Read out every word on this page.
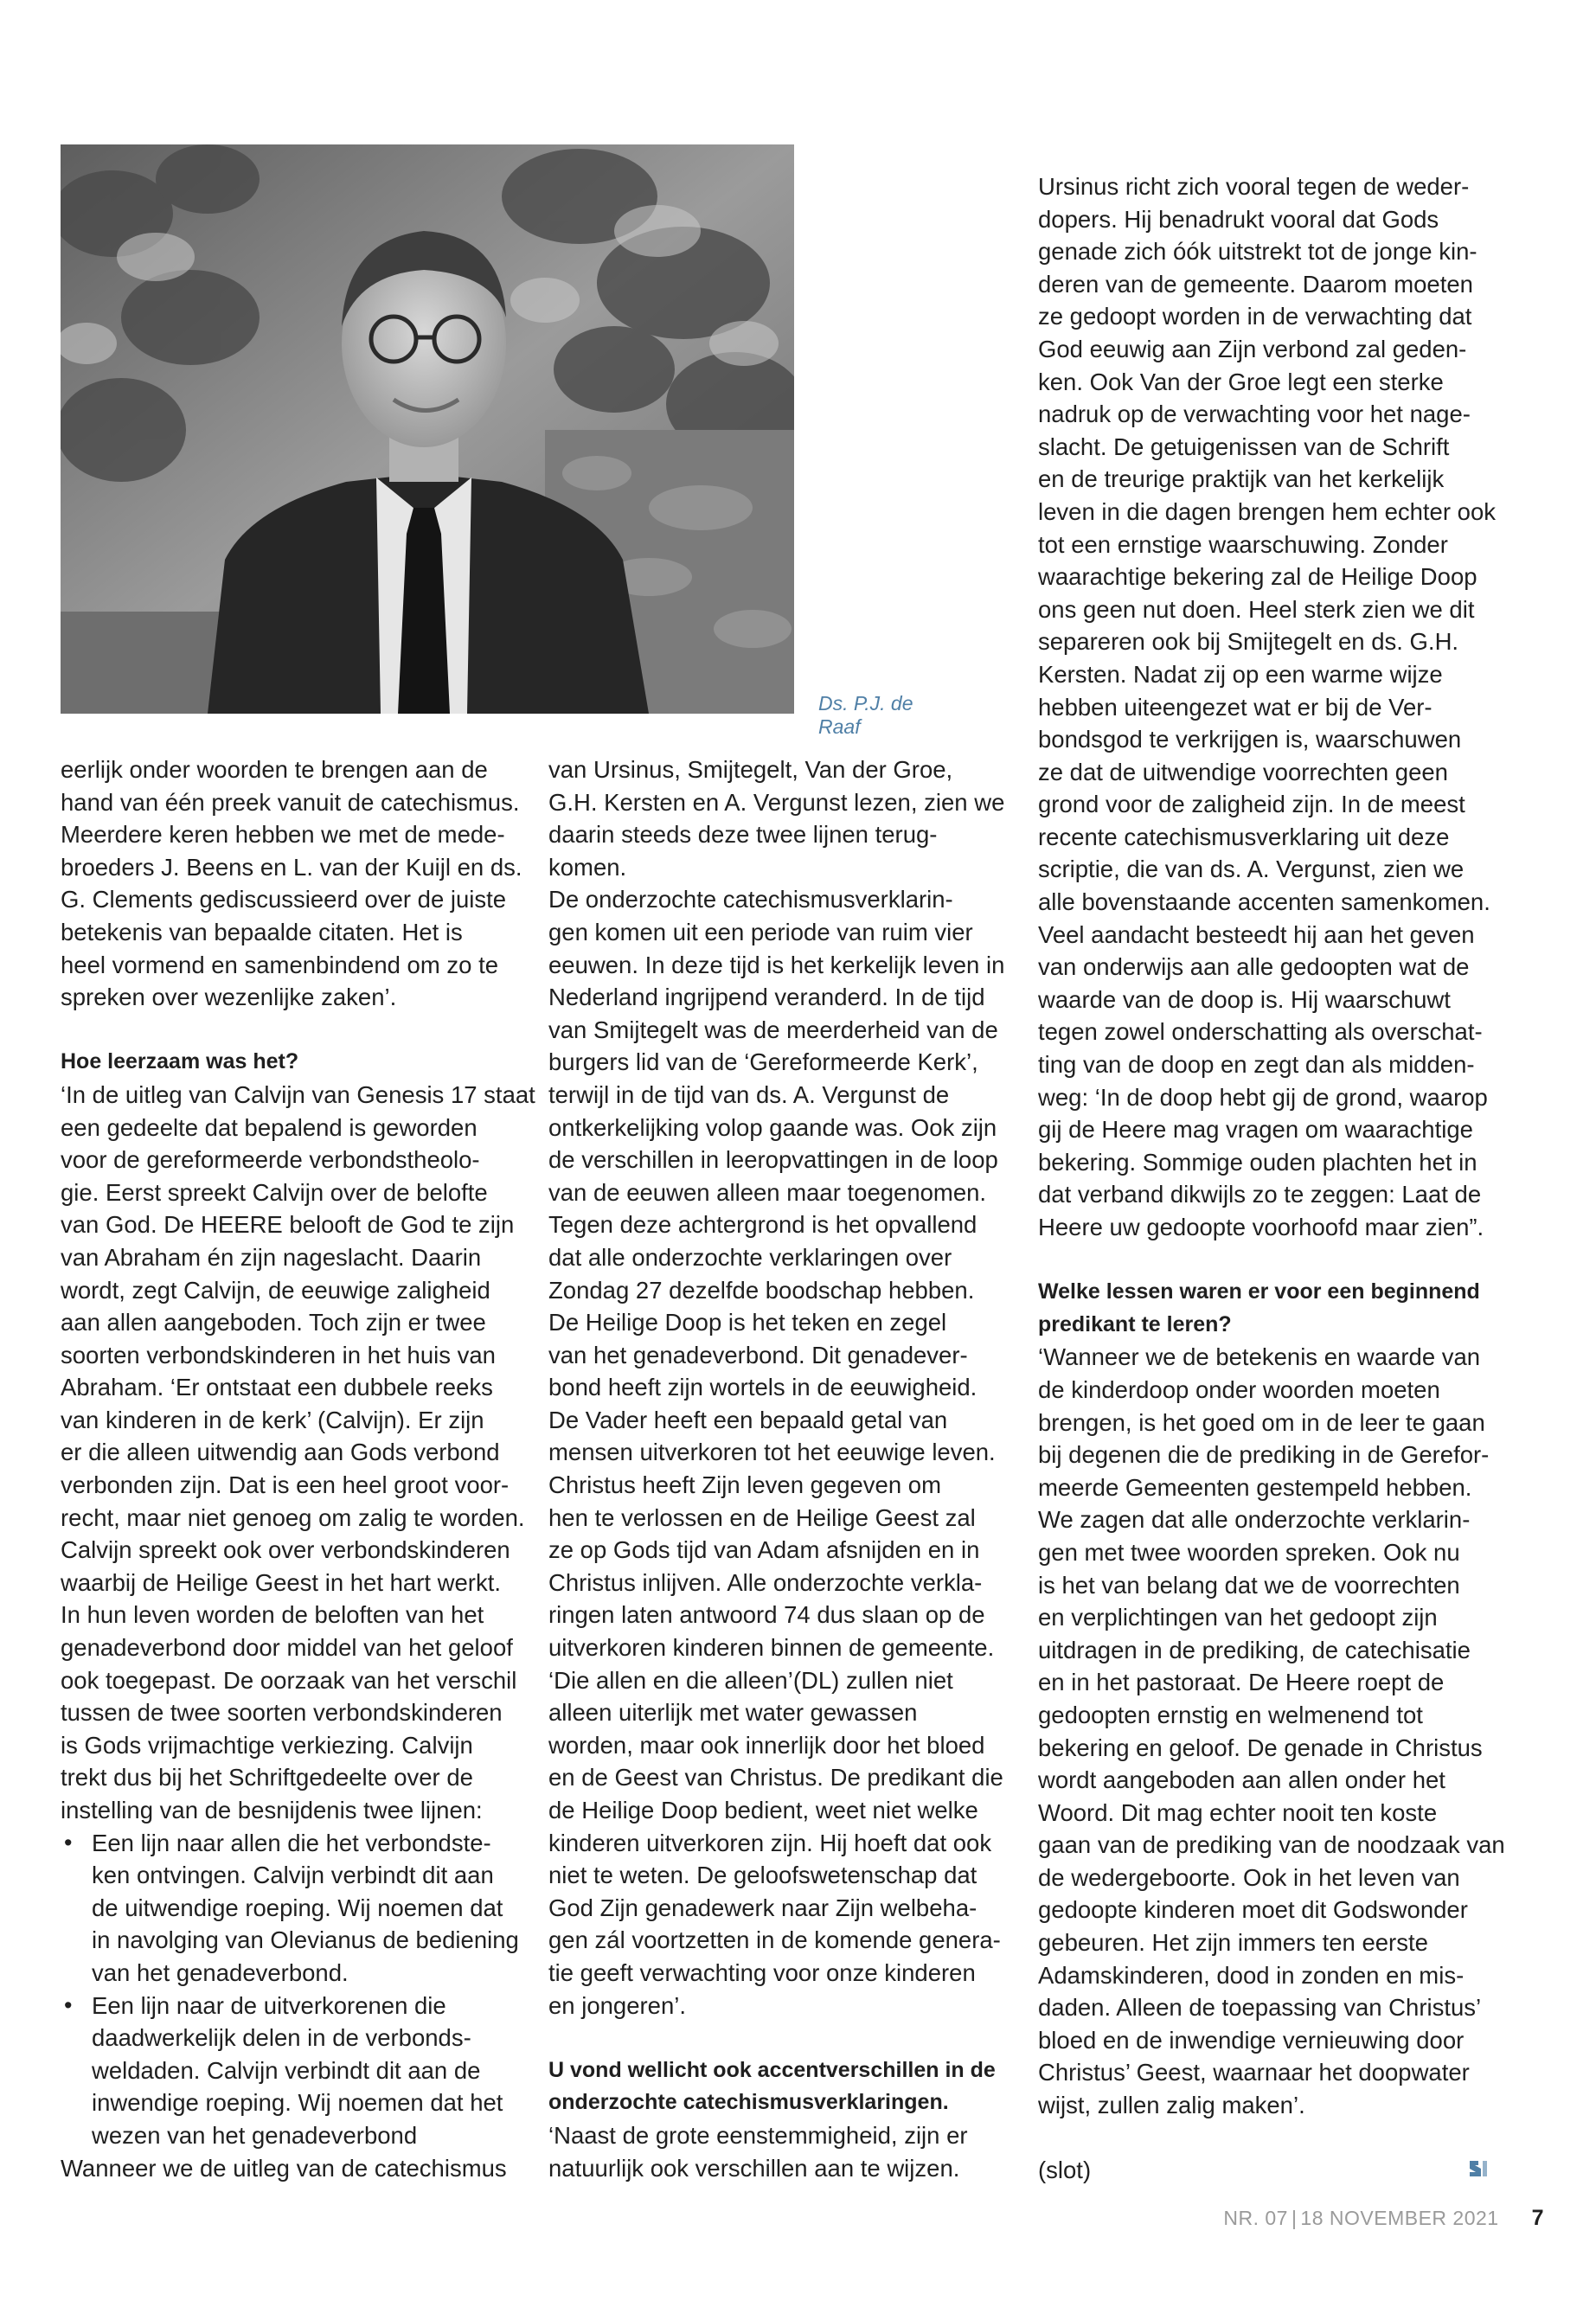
Ds. P.J. de Raaf
eerlijk onder woorden te brengen aan de
hand van één preek vanuit de catechismus.
Meerdere keren hebben we met de mede-
broeders J. Beens en L. van der Kuijl en ds.
G. Clements gediscussieerd over de juiste
betekenis van bepaalde citaten. Het is
heel vormend en samenbindend om zo te
spreken over wezenlijke zaken’.
Hoe leerzaam was het?
‘In de uitleg van Calvijn van Genesis 17 staat
een gedeelte dat bepalend is geworden
voor de gereformeerde verbondstheolo-
gie. Eerst spreekt Calvijn over de belofte
van God. De HEERE belooft de God te zijn
van Abraham én zijn nageslacht. Daarin
wordt, zegt Calvijn, de eeuwige zaligheid
aan allen aangeboden. Toch zijn er twee
soorten verbondskinderen in het huis van
Abraham. ‘Er ontstaat een dubbele reeks
van kinderen in de kerk’ (Calvijn). Er zijn
er die alleen uitwendig aan Gods verbond
verbonden zijn. Dat is een heel groot voor-
recht, maar niet genoeg om zalig te worden.
Calvijn spreekt ook over verbondskinderen
waarbij de Heilige Geest in het hart werkt.
In hun leven worden de beloften van het
genadeverbond door middel van het geloof
ook toegepast. De oorzaak van het verschil
tussen de twee soorten verbondskinderen
is Gods vrijmachtige verkiezing. Calvijn
trekt dus bij het Schriftgedeelte over de
instelling van de besnijdenis twee lijnen:
• Een lijn naar allen die het verbondste-
ken ontvingen. Calvijn verbindt dit aan
de uitwendige roeping. Wij noemen dat
in navolging van Olevianus de bediening
van het genadeverbond.
• Een lijn naar de uitverkorenen die
daadwerkelijk delen in de verbonds-
weldaden. Calvijn verbindt dit aan de
inwendige roeping. Wij noemen dat het
wezen van het genadeverbond
Wanneer we de uitleg van de catechismus
van Ursinus, Smijtegelt, Van der Groe,
G.H. Kersten en A. Vergunst lezen, zien we
daarin steeds deze twee lijnen terug-
komen.
De onderzochte catechismusverklarin-
gen komen uit een periode van ruim vier
eeuwen. In deze tijd is het kerkelijk leven in
Nederland ingrijpend veranderd. In de tijd
van Smijtegelt was de meerderheid van de
burgers lid van de ‘Gereformeerde Kerk’,
terwijl in de tijd van ds. A. Vergunst de
ontkerkelijking volop gaande was. Ook zijn
de verschillen in leeropvattingen in de loop
van de eeuwen alleen maar toegenomen.
Tegen deze achtergrond is het opvallend
dat alle onderzochte verklaringen over
Zondag 27 dezelfde boodschap hebben.
De Heilige Doop is het teken en zegel
van het genadeverbond. Dit genadever-
bond heeft zijn wortels in de eeuwigheid.
De Vader heeft een bepaald getal van
mensen uitverkoren tot het eeuwige leven.
Christus heeft Zijn leven gegeven om
hen te verlossen en de Heilige Geest zal
ze op Gods tijd van Adam afsnijden en in
Christus inlijven. Alle onderzochte verkla-
ringen laten antwoord 74 dus slaan op de
uitverkoren kinderen binnen de gemeente.
‘Die allen en die alleen’(DL) zullen niet
alleen uiterlijk met water gewassen
worden, maar ook innerlijk door het bloed
en de Geest van Christus. De predikant die
de Heilige Doop bedient, weet niet welke
kinderen uitverkoren zijn. Hij hoeft dat ook
niet te weten. De geloofswetenschap dat
God Zijn genadewerk naar Zijn welbeha-
gen zál voortzetten in de komende genera-
tie geeft verwachting voor onze kinderen
en jongeren’.
U vond wellicht ook accentverschillen in de
onderzochte catechismusverklaringen.
‘Naast de grote eenstemmigheid, zijn er
natuurlijk ook verschillen aan te wijzen.
Ursinus richt zich vooral tegen de weder-
dopers. Hij benadrukt vooral dat Gods
genade zich óók uitstrekt tot de jonge kin-
deren van de gemeente. Daarom moeten
ze gedoopt worden in de verwachting dat
God eeuwig aan Zijn verbond zal geden-
ken. Ook Van der Groe legt een sterke
nadruk op de verwachting voor het nage-
slacht. De getuigenissen van de Schrift
en de treurige praktijk van het kerkelijk
leven in die dagen brengen hem echter ook
tot een ernstige waarschuwing. Zonder
waarachtige bekering zal de Heilige Doop
ons geen nut doen. Heel sterk zien we dit
separeren ook bij Smijtegelt en ds. G.H.
Kersten. Nadat zij op een warme wijze
hebben uiteengezet wat er bij de Ver-
bondsgod te verkrijgen is, waarschuwen
ze dat de uitwendige voorrechten geen
grond voor de zaligheid zijn. In de meest
recente catechismusverklaring uit deze
scriptie, die van ds. A. Vergunst, zien we
alle bovenstaande accenten samenkomen.
Veel aandacht besteedt hij aan het geven
van onderwijs aan alle gedoopten wat de
waarde van de doop is. Hij waarschuwt
tegen zowel onderschatting als overschat-
ting van de doop en zegt dan als midden-
weg: ‘In de doop hebt gij de grond, waarop
gij de Heere mag vragen om waarachtige
bekering. Sommige ouden plachten het in
dat verband dikwijls zo te zeggen: Laat de
Heere uw gedoopte voorhoofd maar zien”.
Welke lessen waren er voor een beginnend
predikant te leren?
‘Wanneer we de betekenis en waarde van
de kinderdoop onder woorden moeten
brengen, is het goed om in de leer te gaan
bij degenen die de prediking in de Gerefor-
meerde Gemeenten gestempeld hebben.
We zagen dat alle onderzochte verklarin-
gen met twee woorden spreken. Ook nu
is het van belang dat we de voorrechten
en verplichtingen van het gedoopt zijn
uitdragen in de prediking, de catechisatie
en in het pastoraat. De Heere roept de
gedoopten ernstig en welmenend tot
bekering en geloof. De genade in Christus
wordt aangeboden aan allen onder het
Woord. Dit mag echter nooit ten koste
gaan van de prediking van de noodzaak van
de wedergeboorte. Ook in het leven van
gedoopte kinderen moet dit Godswonder
gebeuren. Het zijn immers ten eerste
Adamskinderen, dood in zonden en mis-
daden. Alleen de toepassing van Christus’
bloed en de inwendige vernieuwing door
Christus’ Geest, waarnaar het doopwater
wijst, zullen zalig maken’.
(slot)
NR. 07 | 18 NOVEMBER 2021 7
